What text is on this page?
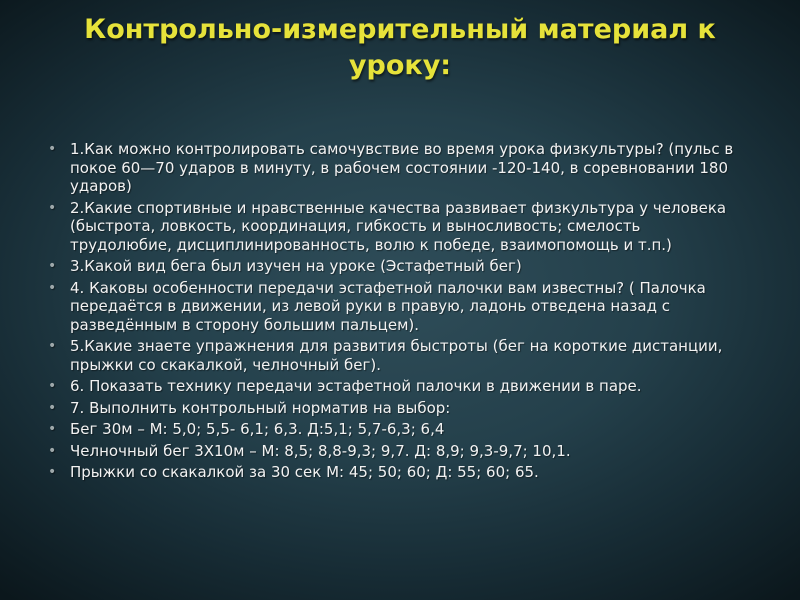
Контрольно-измерительный материал к
уроку:
• 1.Как можно контролировать самочувствие во время урока физкультуры? (пульс в покое 60—70 ударов в минуту, в рабочем состоянии -120-140, в соревновании 180 ударов)
• 2.Какие спортивные и нравственные качества развивает физкультура у человека (быстрота, ловкость, координация, гибкость и выносливость; смелость трудолюбие, дисциплинированность, волю к победе, взаимопомощь и т.п.)
• 3.Какой вид бега был изучен на уроке (Эстафетный бег)
• 4. Каковы особенности передачи эстафетной палочки вам известны? ( Палочка передаётся в движении, из левой руки в правую, ладонь отведена назад с разведённым в сторону большим пальцем).
• 5.Какие знаете упражнения для развития быстроты (бег на короткие дистанции, прыжки со скакалкой, челночный бег).
• 6. Показать технику передачи эстафетной палочки в движении в паре.
• 7. Выполнить контрольный норматив на выбор:
• Бег 30м – М: 5,0; 5,5- 6,1; 6,3. Д:5,1; 5,7-6,3; 6,4
• Челночный бег 3Х10м – М: 8,5; 8,8-9,3; 9,7. Д: 8,9; 9,3-9,7; 10,1.
• Прыжки со скакалкой за 30 сек М: 45; 50; 60; Д: 55; 60; 65.
